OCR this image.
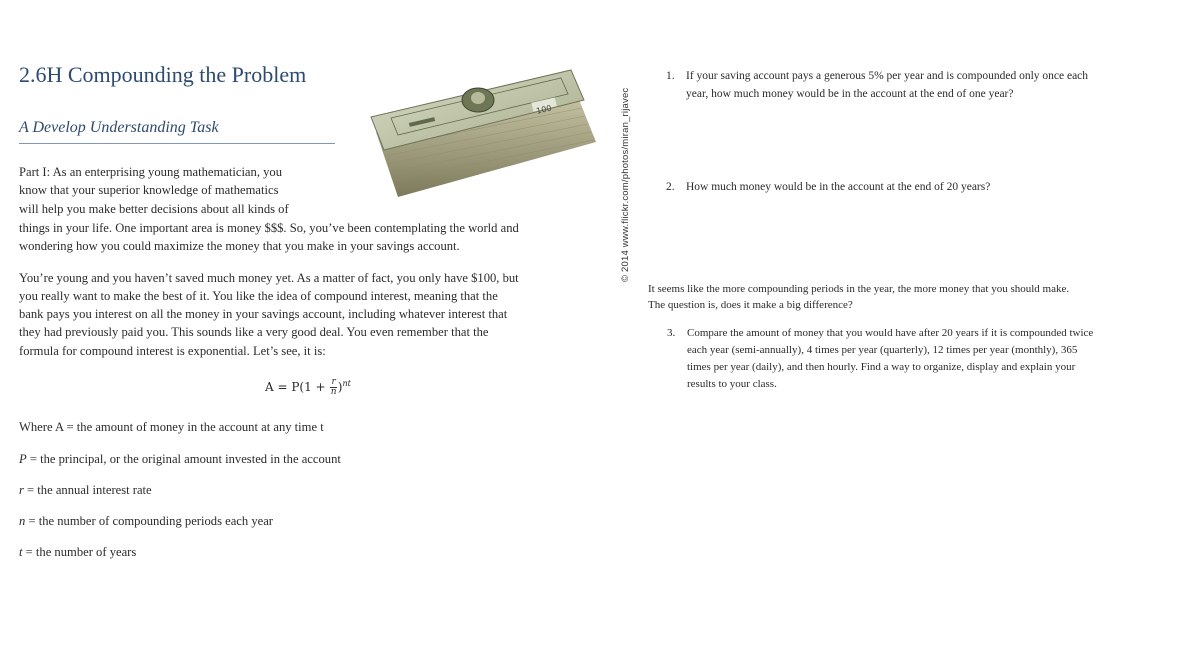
2.6H Compounding the Problem
A Develop Understanding Task
100	© 2014 www.flickr.com/photos/miran_rijavec
Part I: As an enterprising young mathematician, you
know that your superior knowledge of mathematics
will help you make better decisions about all kinds of
things in your life. One important area is money $$$. So, you’ve been contemplating the world and
wondering how you could maximize the money that you make in your savings account.
You’re young and you haven’t saved much money yet. As a matter of fact, you only have $100, but
you really want to make the best of it. You like the idea of compound interest, meaning that the
bank pays you interest on all the money in your savings account, including whatever interest that
they had previously paid you. This sounds like a very good deal. You even remember that the
formula for compound interest is exponential. Let’s see, it is:
$A = P(1 + \frac{r}{n} )^{nt}$
Where A = the amount of money in the account at any time t
P = the principal, or the original amount invested in the account
r = the annual interest rate
n = the number of compounding periods each year
t = the number of years
1. If your saving account pays a generous 5% per year and is compounded only once each
year, how much money would be in the account at the end of one year?
2. How much money would be in the account at the end of 20 years?
It seems like the more compounding periods in the year, the more money that you should make.
The question is, does it make a big difference?
3. Compare the amount of money that you would have after 20 years if it is compounded twice
each year (semi-annually), 4 times per year (quarterly), 12 times per year (monthly), 365
times per year (daily), and then hourly. Find a way to organize, display and explain your
results to your class.
